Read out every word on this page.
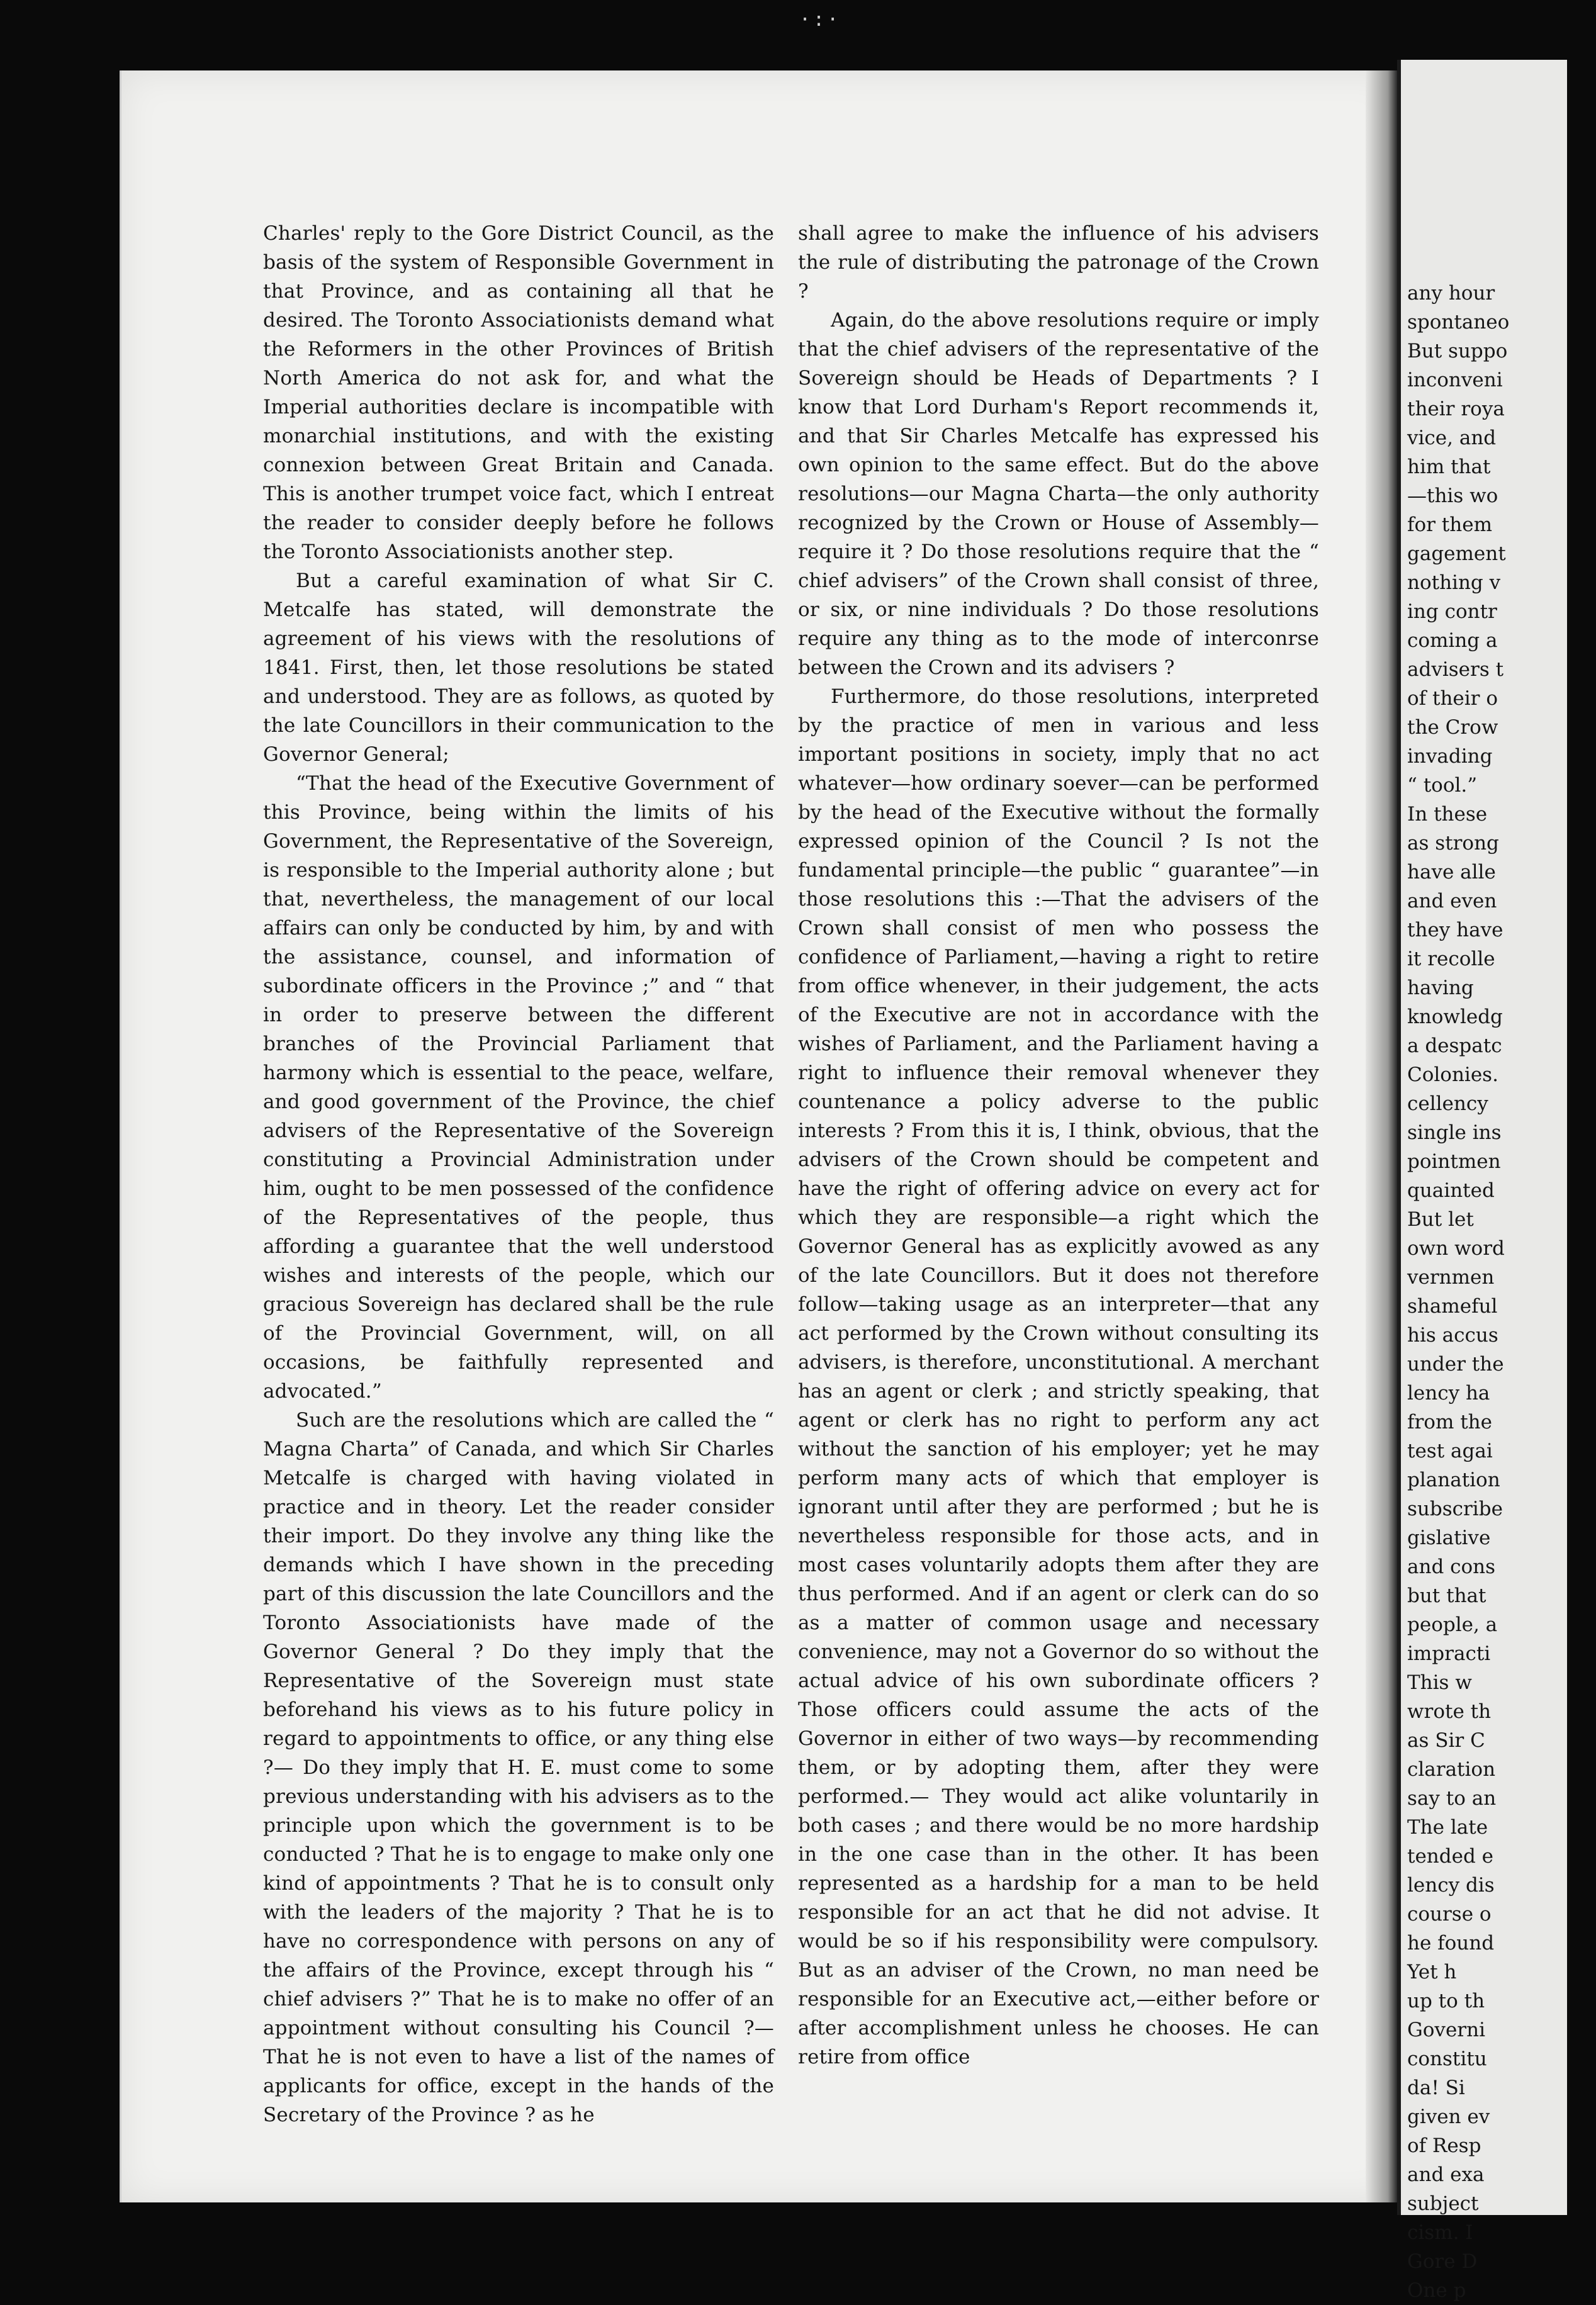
·:·

Charles' reply to the Gore District Council, as the basis of the system of Responsible Government in that Province, and as containing all that he desired. The Toronto Associationists demand what the Reformers in the other Provinces of British North America do not ask for, and what the Imperial authorities declare is incompatible with monarchial institutions, and with the existing connexion between Great Britain and Canada. This is another trumpet voice fact, which I entreat the reader to consider deeply before he follows the Toronto Associationists another step.

But a careful examination of what Sir C. Metcalfe has stated, will demonstrate the agreement of his views with the resolutions of 1841. First, then, let those resolutions be stated and understood. They are as follows, as quoted by the late Councillors in their communication to the Governor General;

“That the head of the Executive Government of this Province, being within the limits of his Government, the Representative of the Sovereign, is responsible to the Imperial authority alone ; but that, nevertheless, the management of our local affairs can only be conducted by him, by and with the assistance, counsel, and information of subordinate officers in the Province ;” and “ that in order to preserve between the different branches of the Provincial Parliament that harmony which is essential to the peace, welfare, and good government of the Province, the chief advisers of the Representative of the Sovereign constituting a Provincial Administration under him, ought to be men possessed of the confidence of the Representatives of the people, thus affording a guarantee that the well understood wishes and interests of the people, which our gracious Sovereign has declared shall be the rule of the Provincial Government, will, on all occasions, be faithfully represented and advocated.”

Such are the resolutions which are called the “ Magna Charta” of Canada, and which Sir Charles Metcalfe is charged with having violated in practice and in theory. Let the reader consider their import. Do they involve any thing like the demands which I have shown in the preceding part of this discussion the late Councillors and the Toronto Associationists have made of the Governor General ? Do they imply that the Representative of the Sovereign must state beforehand his views as to his future policy in regard to appointments to office, or any thing else ?— Do they imply that H. E. must come to some previous understanding with his advisers as to the principle upon which the government is to be conducted ? That he is to engage to make only one kind of appointments ? That he is to consult only with the leaders of the majority ? That he is to have no correspondence with persons on any of the affairs of the Province, except through his “ chief advisers ?” That he is to make no offer of an appointment without consulting his Council ?— That he is not even to have a list of the names of applicants for office, except in the hands of the Secretary of the Province ? as he

shall agree to make the influence of his advisers the rule of distributing the patronage of the Crown ?

Again, do the above resolutions require or imply that the chief advisers of the representative of the Sovereign should be Heads of Departments ? I know that Lord Durham's Report recommends it, and that Sir Charles Metcalfe has expressed his own opinion to the same effect. But do the above resolutions—our Magna Charta—the only authority recognized by the Crown or House of Assembly—require it ? Do those resolutions require that the “ chief advisers” of the Crown shall consist of three, or six, or nine individuals ? Do those resolutions require any thing as to the mode of interconrse between the Crown and its advisers ?

Furthermore, do those resolutions, interpreted by the practice of men in various and less important positions in society, imply that no act whatever—how ordinary soever—can be performed by the head of the Executive without the formally expressed opinion of the Council ? Is not the fundamental principle—the public “ guarantee”—in those resolutions this :—That the advisers of the Crown shall consist of men who possess the confidence of Parliament,—having a right to retire from office whenever, in their judgement, the acts of the Executive are not in accordance with the wishes of Parliament, and the Parliament having a right to influence their removal whenever they countenance a policy adverse to the public interests ? From this it is, I think, obvious, that the advisers of the Crown should be competent and have the right of offering advice on every act for which they are responsible—a right which the Governor General has as explicitly avowed as any of the late Councillors. But it does not therefore follow—taking usage as an interpreter—that any act performed by the Crown without consulting its advisers, is therefore, unconstitutional. A merchant has an agent or clerk ; and strictly speaking, that agent or clerk has no right to perform any act without the sanction of his employer; yet he may perform many acts of which that employer is ignorant until after they are performed ; but he is nevertheless responsible for those acts, and in most cases voluntarily adopts them after they are thus performed. And if an agent or clerk can do so as a matter of common usage and necessary convenience, may not a Governor do so without the actual advice of his own subordinate officers ? Those officers could assume the acts of the Governor in either of two ways—by recommending them, or by adopting them, after they were performed.— They would act alike voluntarily in both cases ; and there would be no more hardship in the one case than in the other. It has been represented as a hardship for a man to be held responsible for an act that he did not advise. It would be so if his responsibility were compulsory. But as an adviser of the Crown, no man need be responsible for an Executive act,—either before or after accomplishment unless he chooses. He can retire from office

any hour
spontaneo
But suppo
inconveni
their roya
vice, and
him that
—this wo
for them
gagement
nothing v
ing contr
coming a
advisers t
of their o
the Crow
invading
“ tool.”
In these
as strong
have alle
and even
they have
it recolle
having
knowledg
a despatc
Colonies.
cellency
single ins
pointmen
quainted
But let
own word
vernmen
shameful
his accus
under the
lency ha
from the
test agai
planation
subscribe
gislative
and cons
but that
people, a
impracti
This w
wrote th
as Sir C
claration
say to an
The late
tended e
lency dis
course o
he found
Yet h
up to th
Governi
constitu
da! Si
given ev
of Resp
and exa
subject
cism. I
Gore D
One p
